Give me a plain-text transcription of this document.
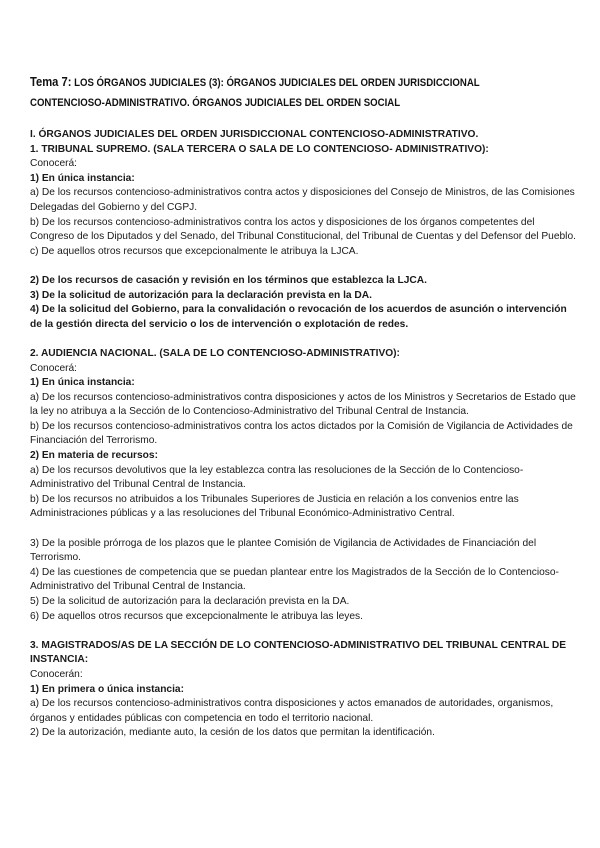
Tema 7: LOS ÓRGANOS JUDICIALES (3): ÓRGANOS JUDICIALES DEL ORDEN JURISDICCIONAL
CONTENCIOSO-ADMINISTRATIVO. ÓRGANOS JUDICIALES DEL ORDEN SOCIAL

I. ÓRGANOS JUDICIALES DEL ORDEN JURISDICCIONAL CONTENCIOSO-ADMINISTRATIVO.

1. TRIBUNAL SUPREMO. (SALA TERCERA O SALA DE LO CONTENCIOSO- ADMINISTRATIVO):

Conocerá:

1) En única instancia:

a) De los recursos contencioso-administrativos contra actos y disposiciones del Consejo de Ministros, de las Comisiones Delegadas del Gobierno y del CGPJ.

b) De los recursos contencioso-administrativos contra los actos y disposiciones de los órganos competentes del Congreso de los Diputados y del Senado, del Tribunal Constitucional, del Tribunal de Cuentas y del Defensor del Pueblo.

c) De aquellos otros recursos que excepcionalmente le atribuya la LJCA.

2) De los recursos de casación y revisión en los términos que establezca la LJCA.

3) De la solicitud de autorización para la declaración prevista en la DA.

4) De la solicitud del Gobierno, para la convalidación o revocación de los acuerdos de asunción o intervención de la gestión directa del servicio o los de intervención o explotación de redes.

2. AUDIENCIA NACIONAL. (SALA DE LO CONTENCIOSO-ADMINISTRATIVO):

Conocerá:

1) En única instancia:

a) De los recursos contencioso-administrativos contra disposiciones y actos de los Ministros y Secretarios de Estado que la ley no atribuya a la Sección de lo Contencioso-Administrativo del Tribunal Central de Instancia.

b) De los recursos contencioso-administrativos contra los actos dictados por la Comisión de Vigilancia de Actividades de Financiación del Terrorismo.

2) En materia de recursos:

a) De los recursos devolutivos que la ley establezca contra las resoluciones de la Sección de lo Contencioso-Administrativo del Tribunal Central de Instancia.

b) De los recursos no atribuidos a los Tribunales Superiores de Justicia en relación a los convenios entre las Administraciones públicas y a las resoluciones del Tribunal Económico-Administrativo Central.

3) De la posible prórroga de los plazos que le plantee Comisión de Vigilancia de Actividades de Financiación del Terrorismo.

4) De las cuestiones de competencia que se puedan plantear entre los Magistrados de la Sección de lo Contencioso-Administrativo del Tribunal Central de Instancia.

5) De la solicitud de autorización para la declaración prevista en la DA.

6) De aquellos otros recursos que excepcionalmente le atribuya las leyes.

3. MAGISTRADOS/AS DE LA SECCIÓN DE LO CONTENCIOSO-ADMINISTRATIVO DEL TRIBUNAL CENTRAL DE INSTANCIA:

Conocerán:

1) En primera o única instancia:

a) De los recursos contencioso-administrativos contra disposiciones y actos emanados de autoridades, organismos, órganos y entidades públicas con competencia en todo el territorio nacional.

2) De la autorización, mediante auto, la cesión de los datos que permitan la identificación.
